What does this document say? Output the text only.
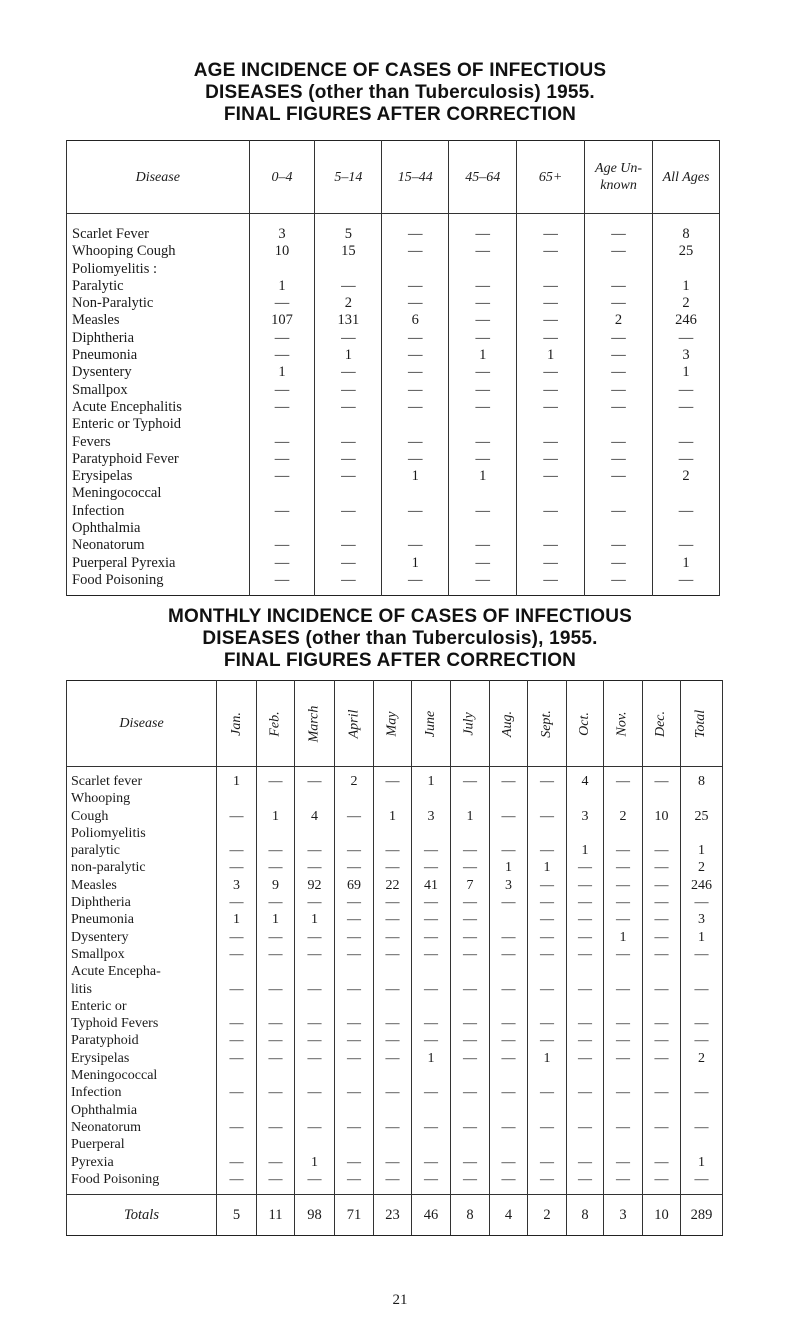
AGE INCIDENCE OF CASES OF INFECTIOUS
DISEASES (other than Tuberculosis) 1955.
FINAL FIGURES AFTER CORRECTION
Disease	0–4	5–14	15–44	45–64	65+	Age Un- known	All Ages

Scarlet Fever	3	5	—	—	—	—	8
Whooping Cough	10	15	—	—	—	—	25
Poliomyelitis :							
Paralytic	1	—	—	—	—	—	1
Non-Paralytic	—	2	—	—	—	—	2
Measles	107	131	6	—	—	2	246
Diphtheria	—	—	—	—	—	—	—
Pneumonia	—	1	—	1	1	—	3
Dysentery	1	—	—	—	—	—	1
Smallpox	—	—	—	—	—	—	—
Acute Encephalitis	—	—	—	—	—	—	—
Enteric or Typhoid							
Fevers	—	—	—	—	—	—	—
Paratyphoid Fever	—	—	—	—	—	—	—
Erysipelas	—	—	1	1	—	—	2
Meningococcal							
Infection	—	—	—	—	—	—	—
Ophthalmia							
Neonatorum	—	—	—	—	—	—	—
Puerperal Pyrexia	—	—	1	—	—	—	1
Food Poisoning	—	—	—	—	—	—	—

MONTHLY INCIDENCE OF CASES OF INFECTIOUS
DISEASES (other than Tuberculosis), 1955.
FINAL FIGURES AFTER CORRECTION
Disease	Jan.	Feb.	March	April	May	June	July	Aug.	Sept.	Oct.	Nov.	Dec.	Total

Scarlet fever	1	—	—	2	—	1	—	—	—	4	—	—	8
Whooping													
Cough	—	1	4	—	1	3	1	—	—	3	2	10	25
Poliomyelitis													
paralytic	—	—	—	—	—	—	—	—	—	1	—	—	1
non-paralytic	—	—	—	—	—	—	—	1	1	—	—	—	2
Measles	3	9	92	69	22	41	7	3	—	—	—	—	246
Diphtheria	—	—	—	—	—	—	—	—	—	—	—	—	—
Pneumonia	1	1	1	—	—	—	—		—	—	—	—	3
Dysentery	—	—	—	—	—	—	—	—	—	—	1	—	1
Smallpox	—	—	—	—	—	—	—	—	—	—	—	—	—
Acute Encepha-													
litis	—	—	—	—	—	—	—	—	—	—	—	—	—
Enteric or													
Typhoid Fevers	—	—	—	—	—	—	—	—	—	—	—	—	—
Paratyphoid	—	—	—	—	—	—	—	—	—	—	—	—	—
Erysipelas	—	—	—	—	—	1	—	—	1	—	—	—	2
Meningococcal													
Infection	—	—	—	—	—	—	—	—	—	—	—	—	—
Ophthalmia													
Neonatorum	—	—	—	—	—	—	—	—	—	—	—	—	—
Puerperal													
Pyrexia	—	—	1	—	—	—	—	—	—	—	—	—	1
Food Poisoning	—	—	—	—	—	—	—	—	—	—	—	—	—

Totals	5	11	98	71	23	46	8	4	2	8	3	10	289
21
